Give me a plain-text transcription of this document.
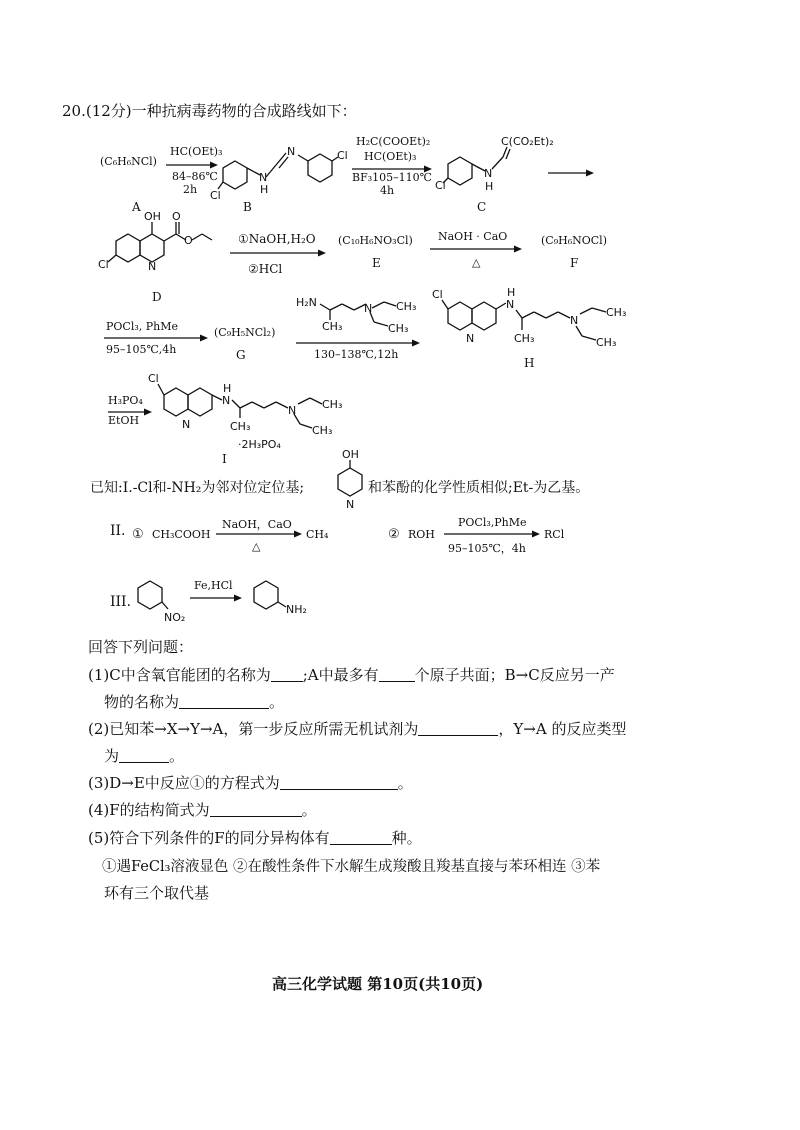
20.(12分)一种抗病毒药物的合成路线如下：
(C₆H₆NCl)
A
HC(OEt)₃
84–86℃
2h
N
N
H
Cl
Cl
B
H₂C(COOEt)₂
HC(OEt)₃
BF₃105–110℃
4h
N
H
Cl
C(CO₂Et)₂
C
OH O
O
N
Cl
D
①NaOH,H₂O
②HCl
(C₁₀H₆NO₃Cl)
E
NaOH · CaO
△
(C₉H₆NOCl)
F
POCl₃, PhMe
95–105℃,4h
(C₉H₅NCl₂)
G
H₂N	N
CH₃
CH₃
CH₃
130–138℃,12h
Cl
N
H
N
N
CH₃
CH₃
CH₃
H
H₃PO₄
EtOH
Cl
N
H
N
N
CH₃
CH₃
CH₃
·2H₃PO₄
I
已知:I.-Cl和-NH₂为邻对位定位基;
OH
N
和苯酚的化学性质相似;Et-为乙基。
II. ① CH₃COOH
NaOH，CaO
△
CH₄	② ROH
POCl₃,PhMe
95–105℃，4h
RCl
III.
NO₂
Fe,HCl
NH₂
回答下列问题：
(1)C中含氧官能团的名称为 ;A中最多有 个原子共面；B→C反应另一产
物的名称为	。
(2)已知苯→X→Y→A，第一步反应所需无机试剂为	，Y→A 的反应类型
为	。
(3)D→E中反应①的方程式为	。
(4)F的结构简式为	。
(5)符合下列条件的F的同分异构体有	种。
①遇FeCl₃溶液显色 ②在酸性条件下水解生成羧酸且羧基直接与苯环相连 ③苯
环有三个取代基
高三化学试题 第10页(共10页)
